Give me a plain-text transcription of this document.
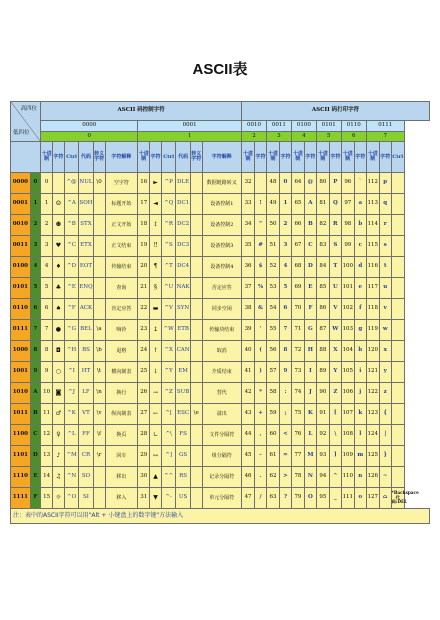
ASCII表
高四位
低四位		ASCII 码控制字符												ASCII 码打印字符												
		0000						0001						0010		0011		0100		0101		0110		0111		
		0						1						2		3		4		5		6		7		
		十进制	字符	Ctrl	代码	转义字符	字符解释	十进制	字符	Ctrl	代码	转义字符	字符解释	十进制	字符	十进制	字符	十进制	字符	十进制	字符	十进制	字符	十进制	字符	Ctrl
0000	0	0		^@	NUL	\0	空字符	16	►	^P	DLE		数据链路转义	32		48	0	64	@	80	P	96	`	112	p	
0001	1	1	☺	^A	SOH		标题开始	17	◄	^Q	DC1		设备控制1	33	!	49	1	65	A	81	Q	97	a	113	q	
0010	2	2	☻	^B	STX		正文开始	18	↕	^R	DC2		设备控制2	34	"	50	2	66	B	82	R	98	b	114	r	
0011	3	3	♥	^C	ETX		正文结束	19	‼	^S	DC3		设备控制3	35	#	51	3	67	C	83	S	99	c	115	s	
0100	4	4	♦	^D	EOT		传输结束	20	¶	^T	DC4		设备控制4	36	$	52	4	68	D	84	T	100	d	116	t	
0101	5	5	♣	^E	ENQ		查询	21	§	^U	NAK		否定应答	37	%	53	5	69	E	85	U	101	e	117	u	
0110	6	6	♠	^F	ACK		肯定应答	22	▬	^V	SYN		同步空闲	38	&	54	6	70	F	86	V	102	f	118	v	
0111	7	7	●	^G	BEL	\a	响铃	23	↨	^W	ETB		传输块结束	39	'	55	7	71	G	87	W	103	g	119	w	
1000	8	8	◘	^H	BS	\b	退格	24	↑	^X	CAN		取消	40	(	56	8	72	H	88	X	104	h	120	x	
1001	9	9	○	^I	HT	\t	横向制表	25	↓	^Y	EM		介质结束	41	)	57	9	73	I	89	Y	105	i	121	y	
1010	A	10	◙	^J	LF	\n	换行	26	→	^Z	SUB		替代	42	*	58	:	74	J	90	Z	106	j	122	z	
1011	B	11	♂	^K	VT	\v	纵向制表	27	←	^[	ESC	\e	溢出	43	+	59	;	75	K	91	[	107	k	123	{	
1100	C	12	♀	^L	FF	\f	换页	28	∟	^\	FS		文件分隔符	44	,	60	<	76	L	92	\	108	l	124	|	
1101	D	13	♪	^M	CR	\r	回车	29	↔	^]	GS		组分隔符	45	-	61	=	77	M	93	]	109	m	125	}	
1110	E	14	♫	^N	SO		移出	30	▲	^^	RS		记录分隔符	46	.	62	>	78	N	94	^	110	n	126	~	
1111	F	15	☼	^O	SI		移入	31	▼	^-	US		单元分隔符	47	/	63	?	79	O	95	_	111	o	127	⌂	*Backspace 代码:DEL
注：表中的ASCII字符可以用"Alt + 小键盘上的数字键"方法输入																										
